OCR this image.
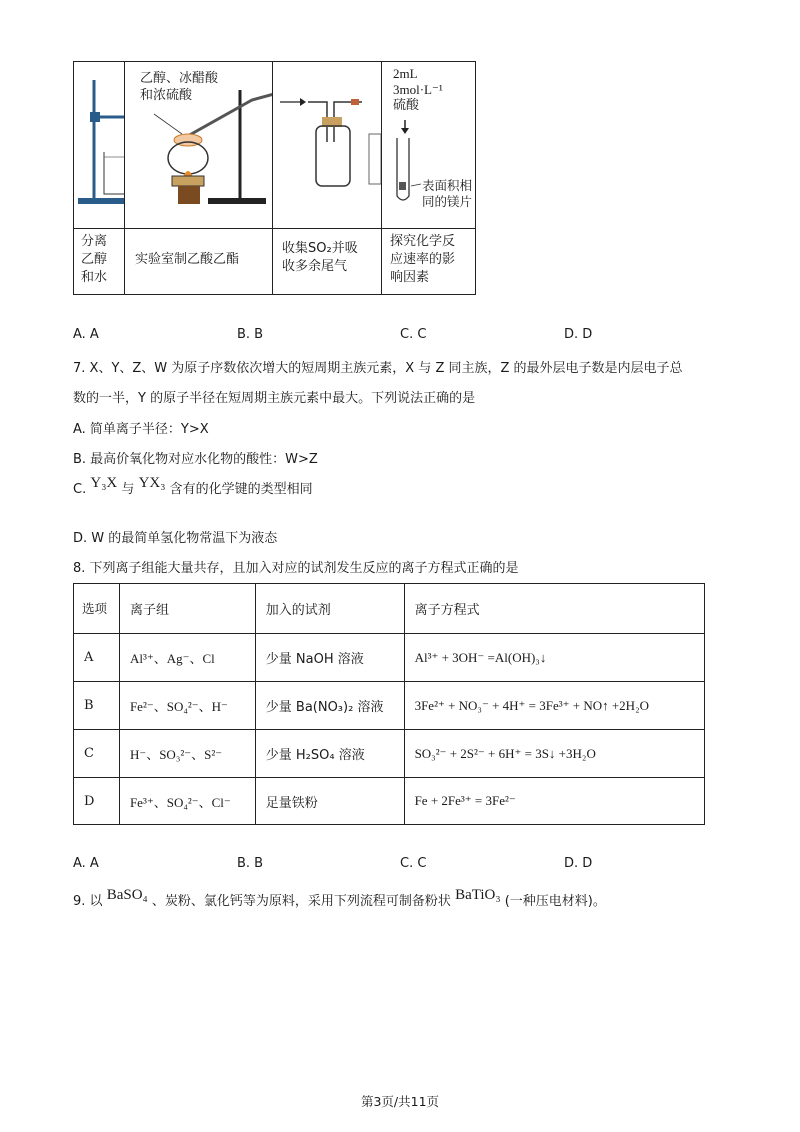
乙醇、冰醋酸
和浓硫酸
2mL
3mol·L⁻¹
硫酸
表面积相
同的镁片
分离
乙醇
和水
实验室制乙酸乙酯
收集SO₂并吸
收多余尾气
探究化学反
应速率的影
响因素
A. A	B. B	C. C	D. D
7. X、Y、Z、W 为原子序数依次增大的短周期主族元素，X 与 Z 同主族，Z 的最外层电子数是内层电子总
数的一半，Y 的原子半径在短周期主族元素中最大。下列说法正确的是
A. 简单离子半径：Y>X
B. 最高价氧化物对应水化物的酸性：W>Z
C. Y₃X 与 YX₃ 含有的化学键的类型相同
D. W 的最简单氢化物常温下为液态
8. 下列离子组能大量共存，且加入对应的试剂发生反应的离子方程式正确的是
选项	离子组	加入的试剂	离子方程式
A	Al³⁺、Ag⁻、Cl	少量 NaOH 溶液	Al³⁺ + 3OH⁻ =Al(OH)₃↓
B	Fe²⁻、SO₄²⁻、H⁻	少量 Ba(NO₃)₂ 溶液	3Fe²⁺ + NO₃⁻ + 4H⁺ = 3Fe³⁺ + NO↑ +2H₂O
C	H⁻、SO₃²⁻、S²⁻	少量 H₂SO₄ 溶液	SO₃²⁻ + 2S²⁻ + 6H⁺ = 3S↓ +3H₂O
D	Fe³⁺、SO₄²⁻、Cl⁻	足量铁粉	Fe + 2Fe³⁺ = 3Fe²⁻
A. A	B. B	C. C	D. D
9. 以 BaSO₄ 、炭粉、氯化钙等为原料，采用下列流程可制备粉状 BaTiO₃ (一种压电材料)。
第3页/共11页
